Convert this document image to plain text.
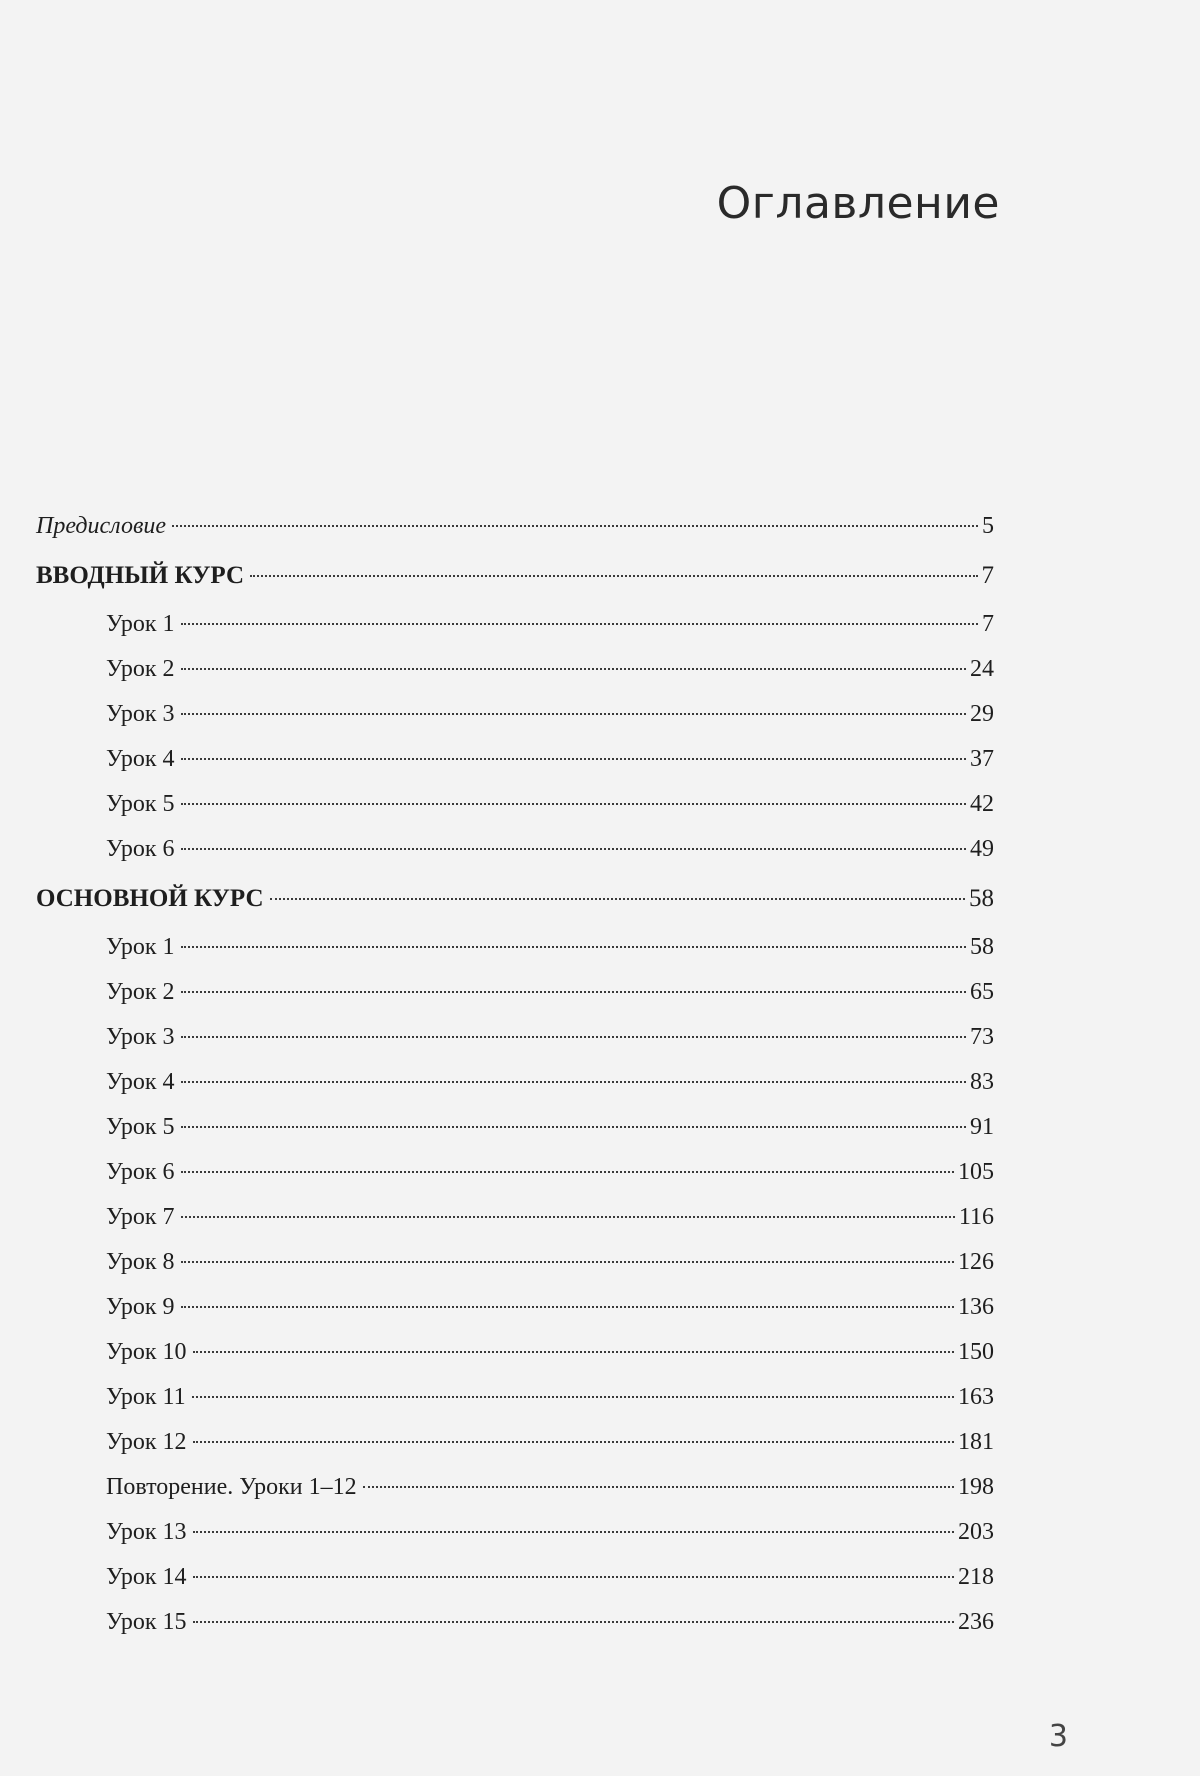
Оглавление
Предисловие	5
ВВОДНЫЙ КУРС	7
Урок 1	7
Урок 2	24
Урок 3	29
Урок 4	37
Урок 5	42
Урок 6	49
ОСНОВНОЙ КУРС	58
Урок 1	58
Урок 2	65
Урок 3	73
Урок 4	83
Урок 5	91
Урок 6	105
Урок 7	116
Урок 8	126
Урок 9	136
Урок 10	150
Урок 11	163
Урок 12	181
Повторение. Уроки 1–12	198
Урок 13	203
Урок 14	218
Урок 15	236
3
